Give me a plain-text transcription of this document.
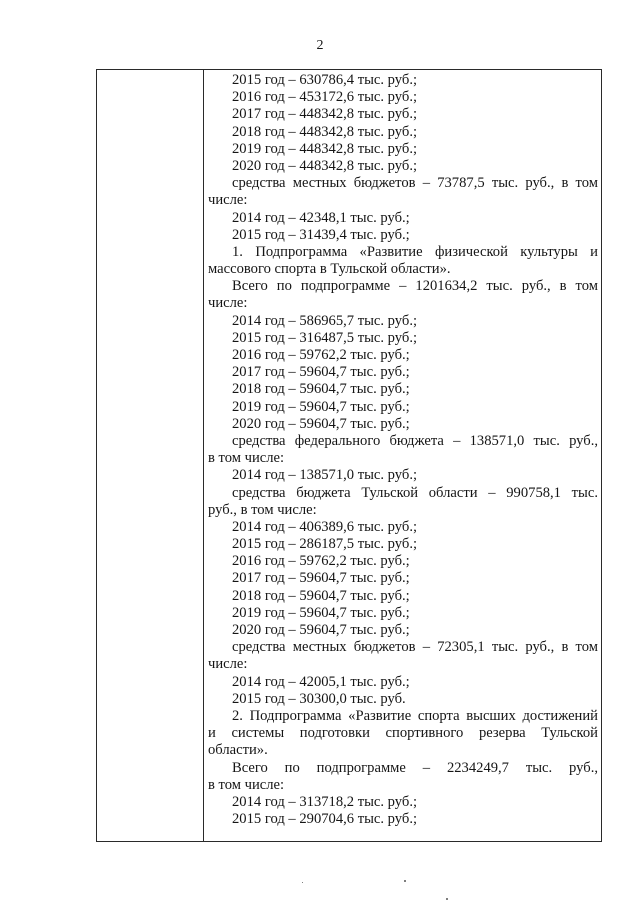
2
2015 год – 630786,4 тыс. руб.;
2016 год – 453172,6 тыс. руб.;
2017 год – 448342,8 тыс. руб.;
2018 год – 448342,8 тыс. руб.;
2019 год – 448342,8 тыс. руб.;
2020 год – 448342,8 тыс. руб.;
средства местных бюджетов – 73787,5 тыс. руб., в том
числе:
2014 год – 42348,1 тыс. руб.;
2015 год – 31439,4 тыс. руб.;
1. Подпрограмма «Развитие физической культуры и
массового спорта в Тульской области».
Всего по подпрограмме – 1201634,2 тыс. руб., в том
числе:
2014 год – 586965,7 тыс. руб.;
2015 год – 316487,5 тыс. руб.;
2016 год – 59762,2 тыс. руб.;
2017 год – 59604,7 тыс. руб.;
2018 год – 59604,7 тыс. руб.;
2019 год – 59604,7 тыс. руб.;
2020 год – 59604,7 тыс. руб.;
средства федерального бюджета – 138571,0 тыс. руб.,
в том числе:
2014 год – 138571,0 тыс. руб.;
средства бюджета Тульской области – 990758,1 тыс.
руб., в том числе:
2014 год – 406389,6 тыс. руб.;
2015 год – 286187,5 тыс. руб.;
2016 год – 59762,2 тыс. руб.;
2017 год – 59604,7 тыс. руб.;
2018 год – 59604,7 тыс. руб.;
2019 год – 59604,7 тыс. руб.;
2020 год – 59604,7 тыс. руб.;
средства местных бюджетов – 72305,1 тыс. руб., в том
числе:
2014 год – 42005,1 тыс. руб.;
2015 год – 30300,0 тыс. руб.
2. Подпрограмма «Развитие спорта высших достижений
и системы подготовки спортивного резерва Тульской
области».
Всего по подпрограмме – 2234249,7 тыс. руб.,
в том числе:
2014 год – 313718,2 тыс. руб.;
2015 год – 290704,6 тыс. руб.;
